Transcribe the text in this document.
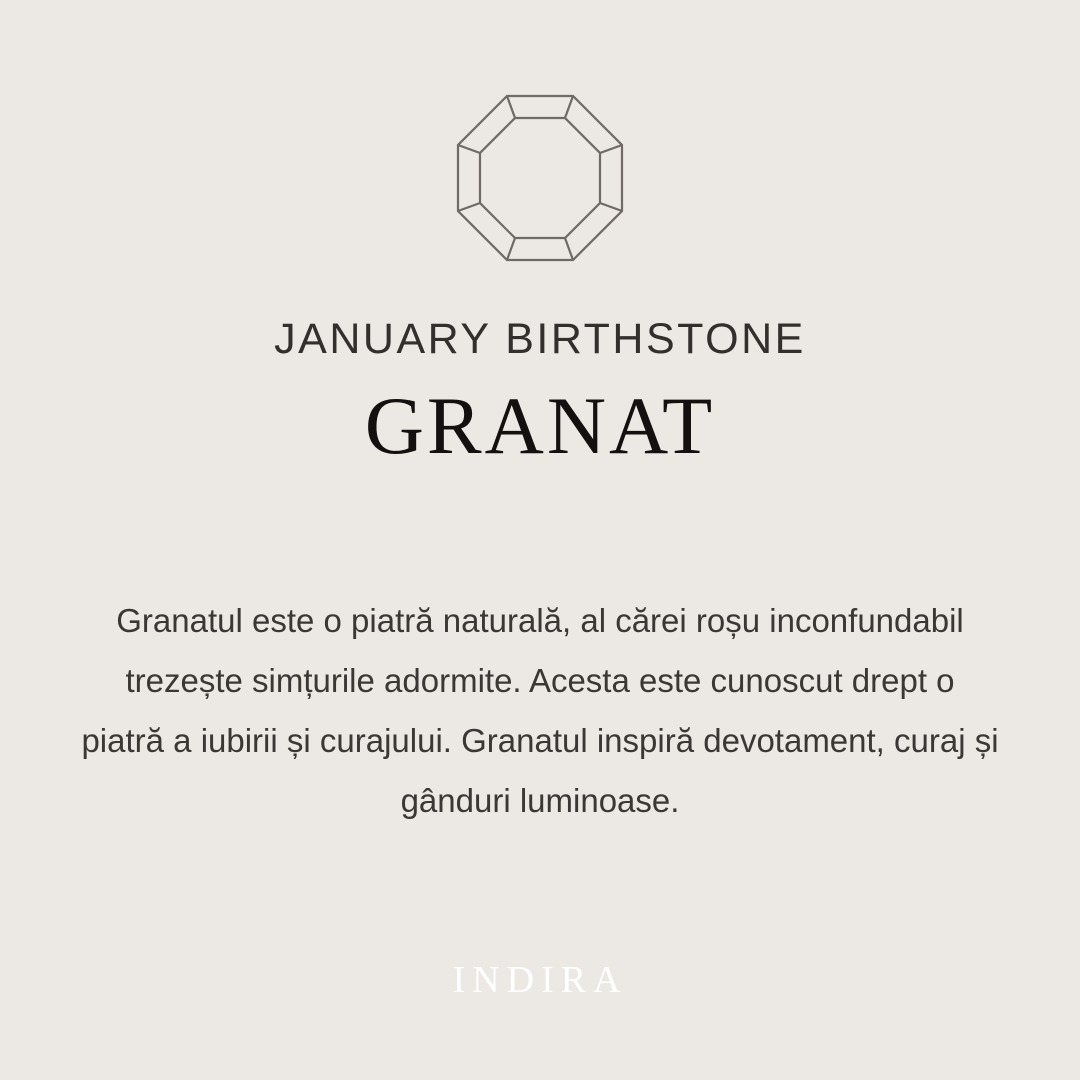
JANUARY BIRTHSTONE
GRANAT
Granatul este o piatră naturală, al cărei roșu inconfundabil trezește simțurile adormite. Acesta este cunoscut drept o piatră a iubirii și curajului. Granatul inspiră devotament, curaj și gânduri luminoase.
INDIRA
